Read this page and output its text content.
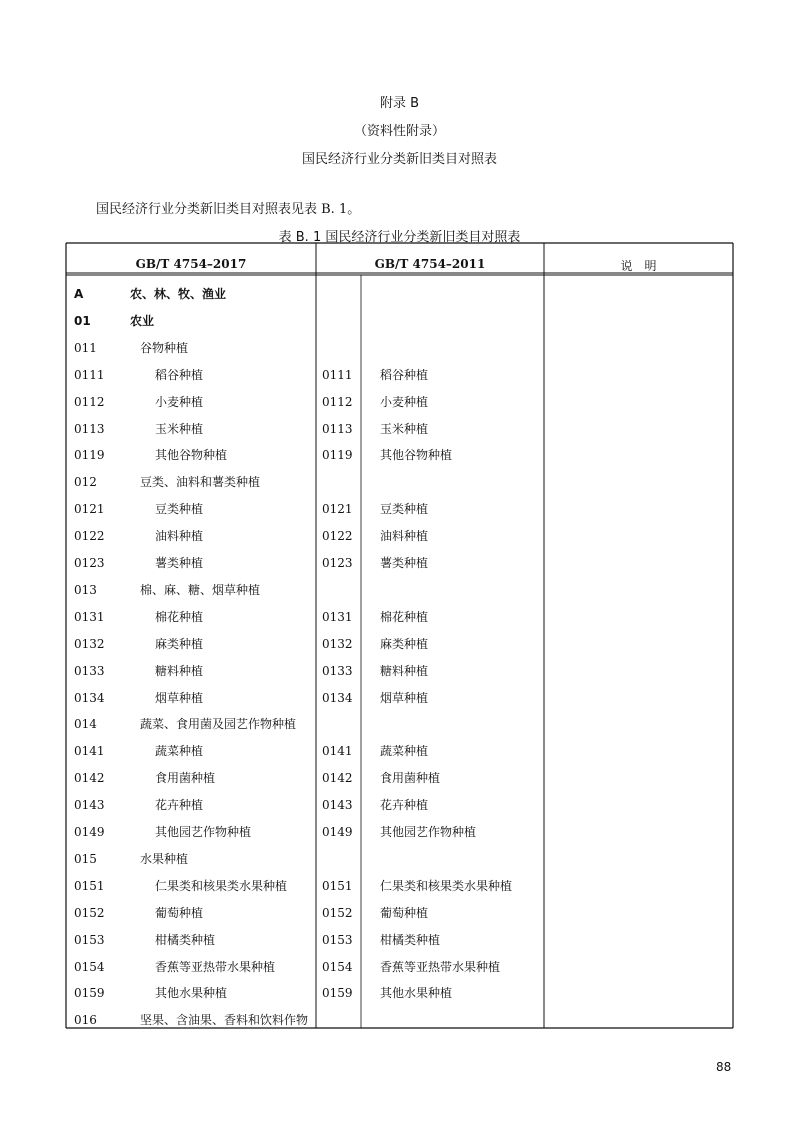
附录 B
（资料性附录）
国民经济行业分类新旧类目对照表
国民经济行业分类新旧类目对照表见表 B. 1。
表 B. 1 国民经济行业分类新旧类目对照表
GB/T 4754–2017	GB/T 4754–2011	说　明
A	农、林、牧、渔业
01	农业
011	谷物种植
0111	稻谷种植	0111 稻谷种植
0112	小麦种植	0112 小麦种植
0113	玉米种植	0113 玉米种植
0119	其他谷物种植	0119 其他谷物种植
012	豆类、油料和薯类种植
0121	豆类种植	0121 豆类种植
0122	油料种植	0122 油料种植
0123	薯类种植	0123 薯类种植
013	棉、麻、糖、烟草种植
0131	棉花种植	0131 棉花种植
0132	麻类种植	0132 麻类种植
0133	糖料种植	0133 糖料种植
0134	烟草种植	0134 烟草种植
014	蔬菜、食用菌及园艺作物种植
0141	蔬菜种植	0141 蔬菜种植
0142	食用菌种植	0142 食用菌种植
0143	花卉种植	0143 花卉种植
0149	其他园艺作物种植	0149 其他园艺作物种植
015	水果种植
0151	仁果类和核果类水果种植	0151 仁果类和核果类水果种植
0152	葡萄种植	0152 葡萄种植
0153	柑橘类种植	0153 柑橘类种植
0154	香蕉等亚热带水果种植	0154 香蕉等亚热带水果种植
0159	其他水果种植	0159 其他水果种植
016	坚果、含油果、香料和饮料作物
88
